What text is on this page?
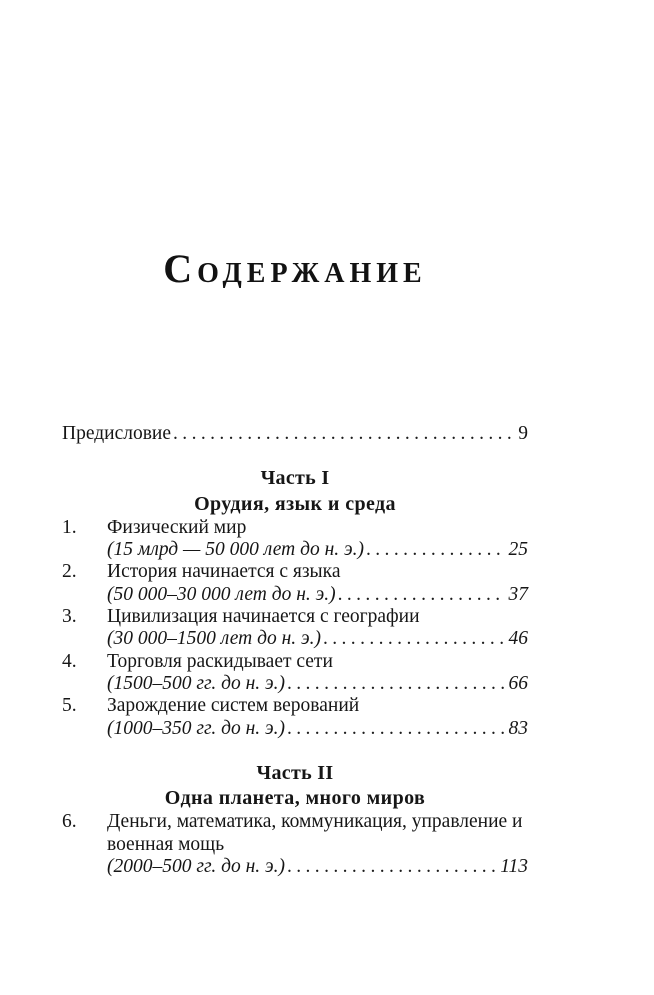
СОДЕРЖАНИЕ
Предисловие .....	9
Часть I
Орудия, язык и среда
1.	Физический мир
(15 млрд — 50 000 лет до н. э.) .....	25
2.	История начинается с языка
(50 000–30 000 лет до н. э.) .....	37
3.	Цивилизация начинается с географии
(30 000–1500 лет до н. э.) .....	46
4.	Торговля раскидывает сети
(1500–500 гг. до н. э.) .....	66
5.	Зарождение систем верований
(1000–350 гг. до н. э.) .....	83
Часть II
Одна планета, много миров
6.	Деньги, математика, коммуникация, управление и военная мощь
(2000–500 гг. до н. э.) .....	113
